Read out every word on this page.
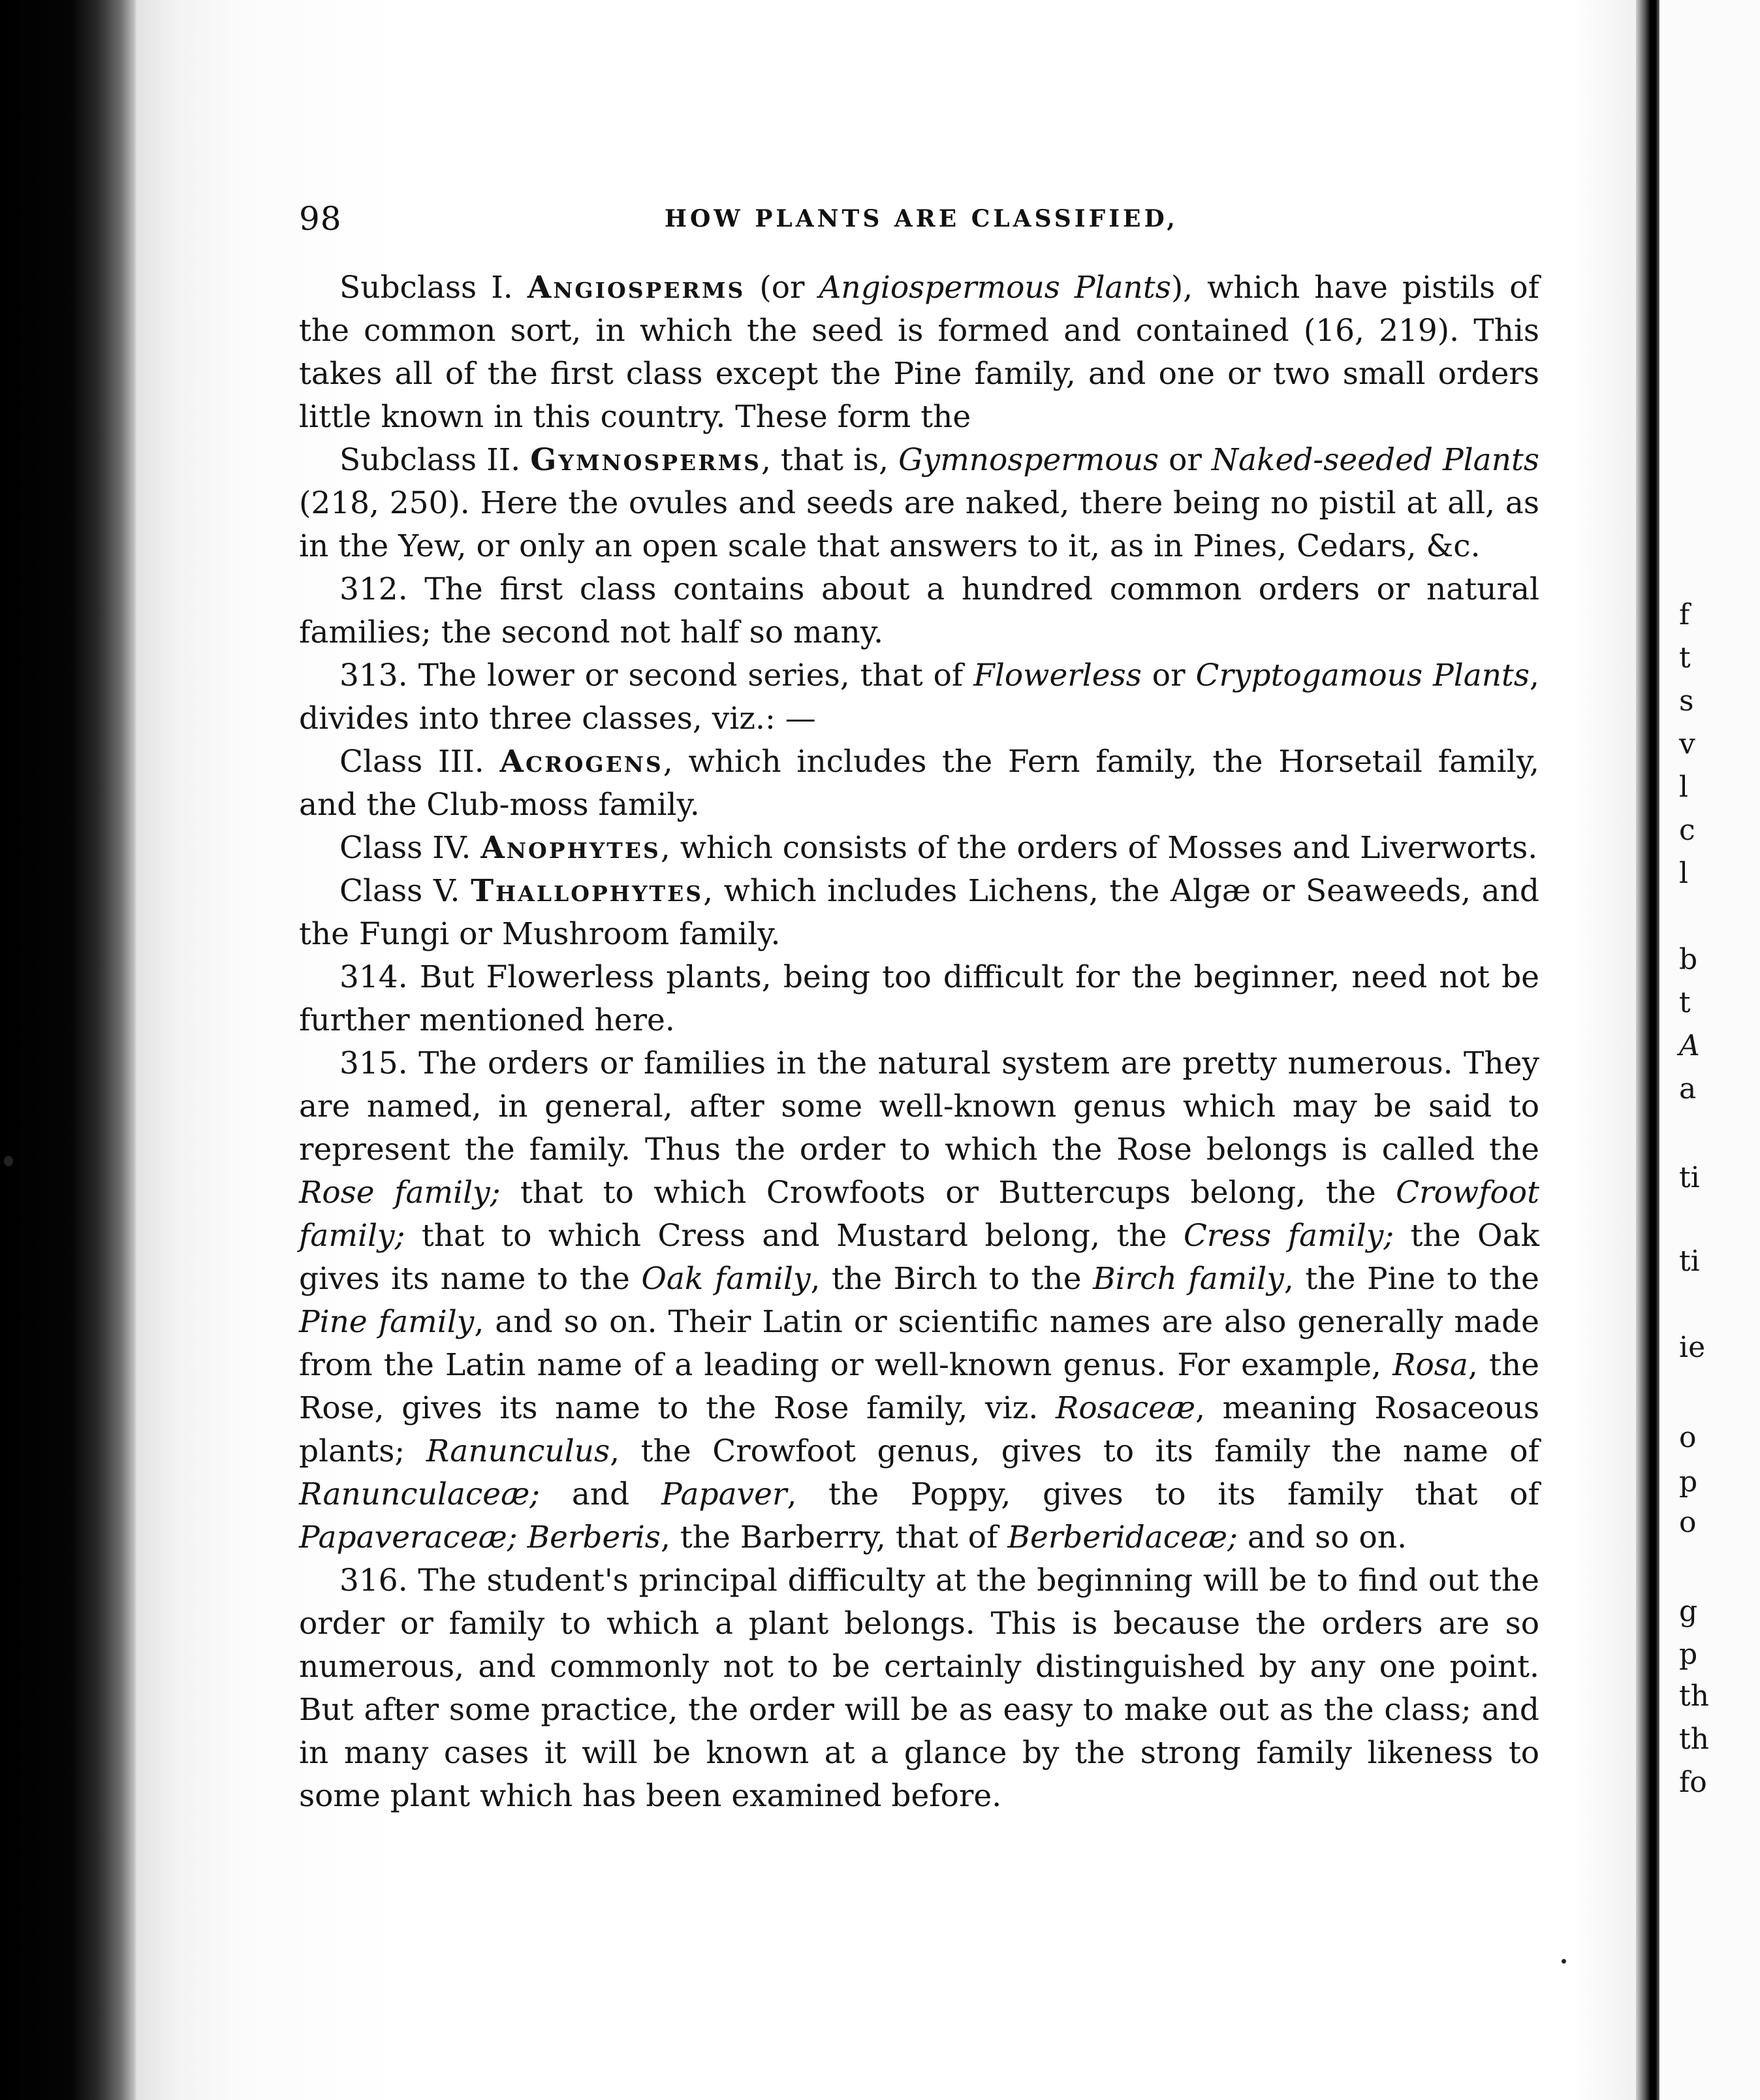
f
t
s
v
l
c
l
b
t
A
a
ti
ti
ie
o
p
o
g
p
th
th
fo
98	HOW PLANTS ARE CLASSIFIED,

Subclass I. Angiosperms (or Angiospermous Plants), which have pistils of the common sort, in which the seed is formed and contained (16, 219). This takes all of the first class except the Pine family, and one or two small orders little known in this country. These form the

Subclass II. Gymnosperms, that is, Gymnospermous or Naked-seeded Plants (218, 250). Here the ovules and seeds are naked, there being no pistil at all, as in the Yew, or only an open scale that answers to it, as in Pines, Cedars, &c.

312. The first class contains about a hundred common orders or natural families; the second not half so many.

313. The lower or second series, that of Flowerless or Cryptogamous Plants, divides into three classes, viz.: —

Class III. Acrogens, which includes the Fern family, the Horsetail family, and the Club-moss family.

Class IV. Anophytes, which consists of the orders of Mosses and Liverworts.

Class V. Thallophytes, which includes Lichens, the Algæ or Seaweeds, and the Fungi or Mushroom family.

314. But Flowerless plants, being too difficult for the beginner, need not be further mentioned here.

315. The orders or families in the natural system are pretty numerous. They are named, in general, after some well-known genus which may be said to represent the family. Thus the order to which the Rose belongs is called the Rose family; that to which Crowfoots or Buttercups belong, the Crowfoot family; that to which Cress and Mustard belong, the Cress family; the Oak gives its name to the Oak family, the Birch to the Birch family, the Pine to the Pine family, and so on. Their Latin or scientific names are also generally made from the Latin name of a leading or well-known genus. For example, Rosa, the Rose, gives its name to the Rose family, viz. Rosaceæ, meaning Rosaceous plants; Ranunculus, the Crowfoot genus, gives to its family the name of Ranunculaceæ; and Papaver, the Poppy, gives to its family that of Papaveraceæ; Berberis, the Barberry, that of Berberidaceæ; and so on.

316. The student's principal difficulty at the beginning will be to find out the order or family to which a plant belongs. This is because the orders are so numerous, and commonly not to be certainly distinguished by any one point. But after some practice, the order will be as easy to make out as the class; and in many cases it will be known at a glance by the strong family likeness to some plant which has been examined before.
